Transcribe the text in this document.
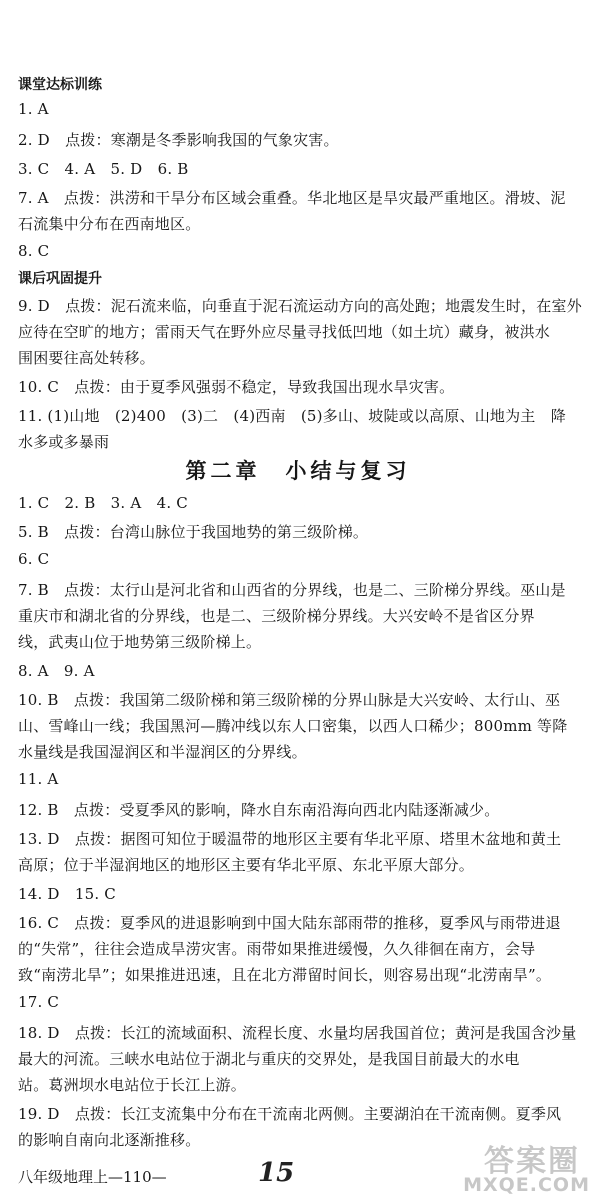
课堂达标训练
1. A
2. D　点拨：寒潮是冬季影响我国的气象灾害。
3. C　4. A　5. D　6. B
7. A　点拨：洪涝和干旱分布区域会重叠。华北地区是旱灾最严重地区。滑坡、泥
石流集中分布在西南地区。
8. C
课后巩固提升
9. D　点拨：泥石流来临，向垂直于泥石流运动方向的高处跑；地震发生时，在室外
应待在空旷的地方；雷雨天气在野外应尽量寻找低凹地（如土坑）藏身，被洪水
围困要往高处转移。
10. C　点拨：由于夏季风强弱不稳定，导致我国出现水旱灾害。
11. (1)山地　(2)400　(3)二　(4)西南　(5)多山、坡陡或以高原、山地为主　降
水多或多暴雨
第二章　小结与复习
1. C　2. B　3. A　4. C
5. B　点拨：台湾山脉位于我国地势的第三级阶梯。
6. C
7. B　点拨：太行山是河北省和山西省的分界线，也是二、三阶梯分界线。巫山是
重庆市和湖北省的分界线，也是二、三级阶梯分界线。大兴安岭不是省区分界
线，武夷山位于地势第三级阶梯上。
8. A　9. A
10. B　点拨：我国第二级阶梯和第三级阶梯的分界山脉是大兴安岭、太行山、巫
山、雪峰山一线；我国黑河—腾冲线以东人口密集，以西人口稀少；800mm 等降
水量线是我国湿润区和半湿润区的分界线。
11. A
12. B　点拨：受夏季风的影响，降水自东南沿海向西北内陆逐渐减少。
13. D　点拨：据图可知位于暖温带的地形区主要有华北平原、塔里木盆地和黄土
高原；位于半湿润地区的地形区主要有华北平原、东北平原大部分。
14. D　15. C
16. C　点拨：夏季风的进退影响到中国大陆东部雨带的推移，夏季风与雨带进退
的“失常”，往往会造成旱涝灾害。雨带如果推进缓慢，久久徘徊在南方，会导
致“南涝北旱”；如果推进迅速，且在北方滞留时间长，则容易出现“北涝南旱”。
17. C
18. D　点拨：长江的流域面积、流程长度、水量均居我国首位；黄河是我国含沙量
最大的河流。三峡水电站位于湖北与重庆的交界处，是我国目前最大的水电
站。葛洲坝水电站位于长江上游。
19. D　点拨：长江支流集中分布在干流南北两侧。主要湖泊在干流南侧。夏季风
的影响自南向北逐渐推移。
八年级地理上—110—	15	答案圈
MXQE.COM
